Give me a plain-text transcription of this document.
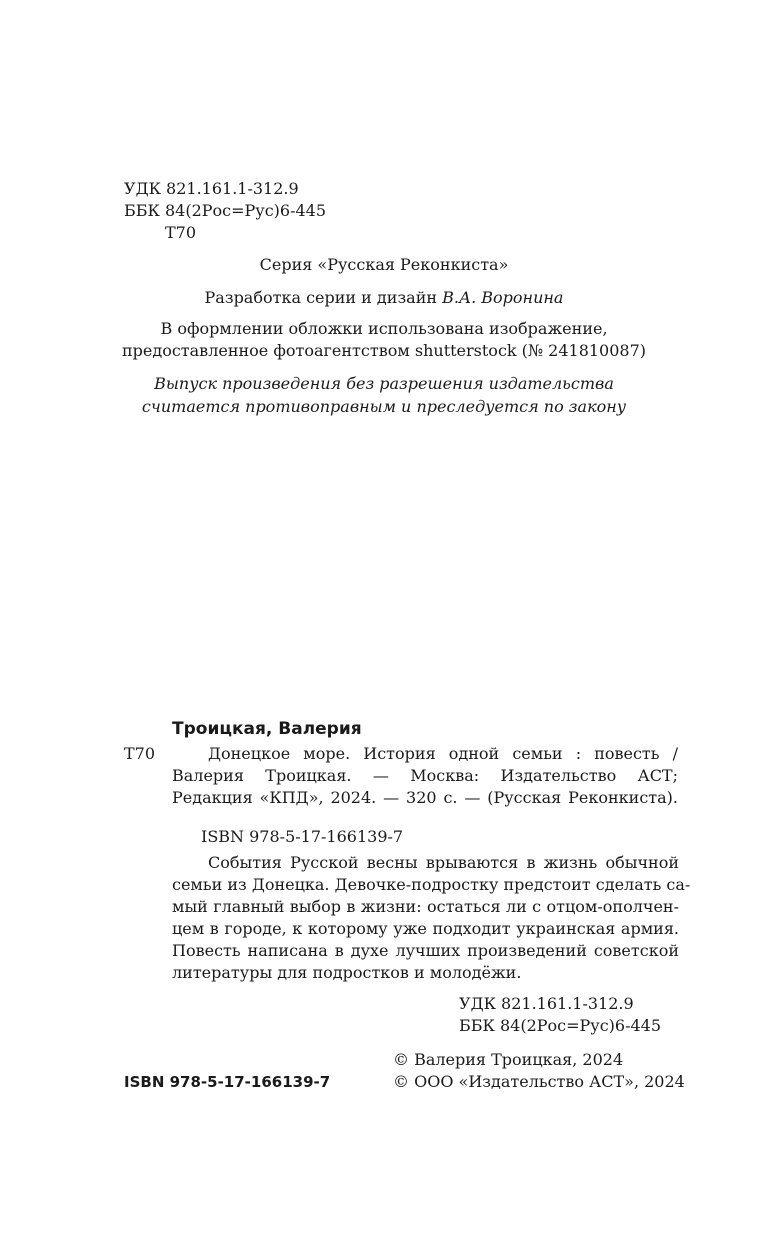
УДК 821.161.1-312.9
ББК 84(2Рос=Рус)6-445
Т70
Серия «Русская Реконкиста»
Разработка серии и дизайн В.А. Воронина
В оформлении обложки использована изображение,
предоставленное фотоагентством shutterstock (№ 241810087)
Выпуск произведения без разрешения издательства
считается противоправным и преследуется по закону
Троицкая, Валерия
Т70	Донецкое море. История одной семьи : повесть /
Валерия Троицкая. — Москва: Издательство АСТ;
Редакция «КПД», 2024. — 320 с. — (Русская Реконкиста).
ISBN 978-5-17-166139-7
События Русской весны врываются в жизнь обычной
семьи из Донецка. Девочке-подростку предстоит сделать са-
мый главный выбор в жизни: остаться ли с отцом-ополчен-
цем в городе, к которому уже подходит украинская армия.
Повесть написана в духе лучших произведений советской
литературы для подростков и молодёжи.
УДК 821.161.1-312.9
ББК 84(2Рос=Рус)6-445
© Валерия Троицкая, 2024
ISBN 978-5-17-166139-7	© ООО «Издательство АСТ», 2024
